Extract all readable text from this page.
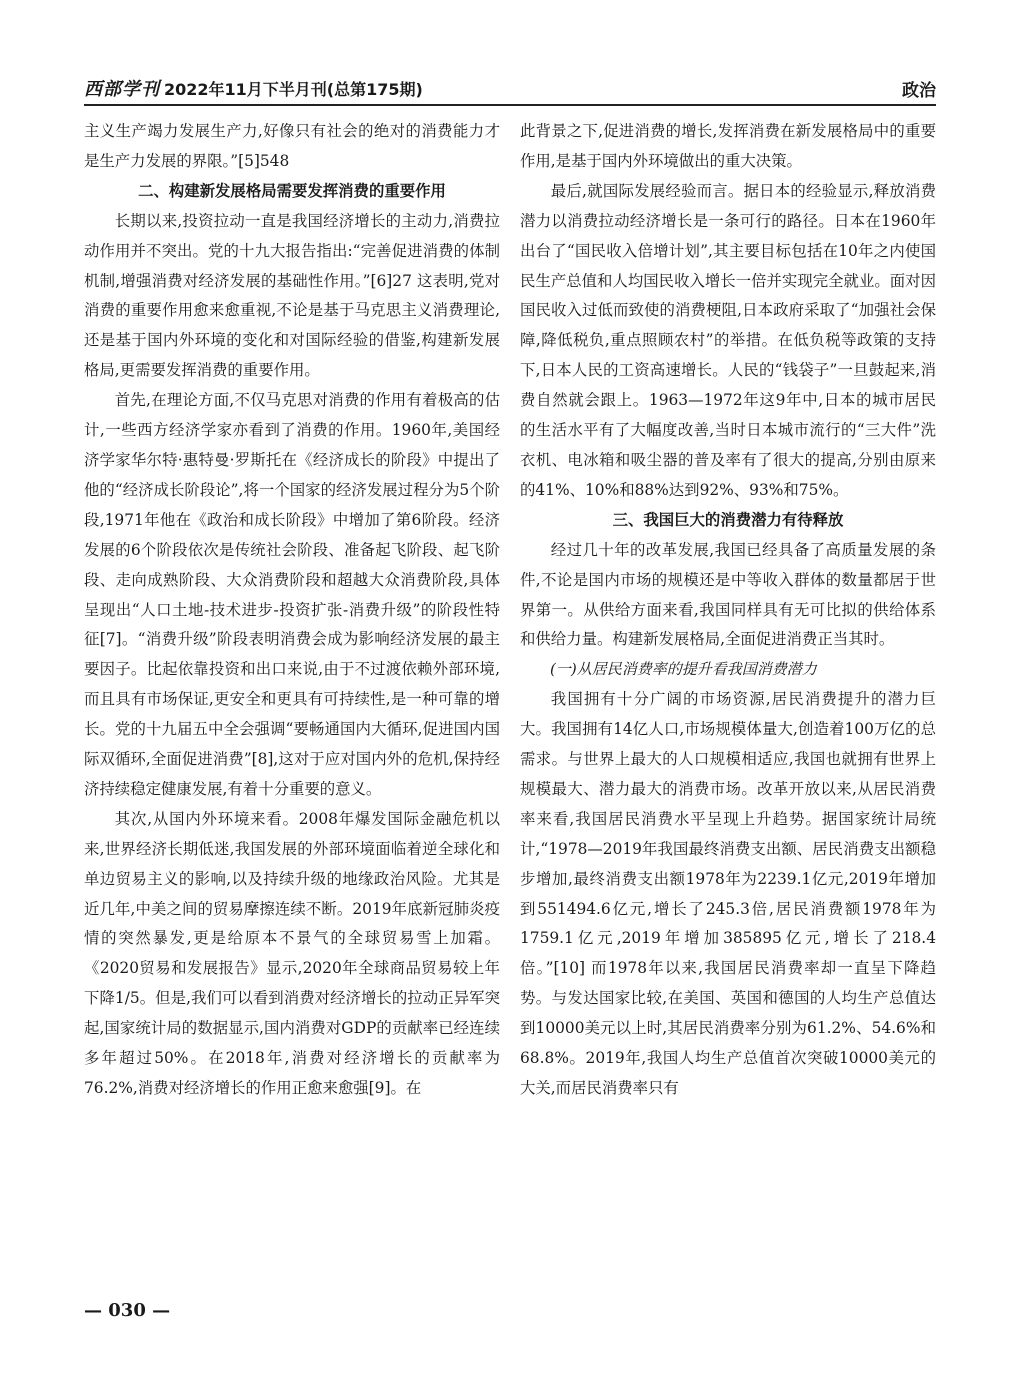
西部学刊 2022年11月下半月刊(总第175期)	政治

主义生产竭力发展生产力,好像只有社会的绝对的消费能力才是生产力发展的界限。”[5]548

二、构建新发展格局需要发挥消费的重要作用

长期以来,投资拉动一直是我国经济增长的主动力,消费拉动作用并不突出。党的十九大报告指出:“完善促进消费的体制机制,增强消费对经济发展的基础性作用。”[6]27 这表明,党对消费的重要作用愈来愈重视,不论是基于马克思主义消费理论,还是基于国内外环境的变化和对国际经验的借鉴,构建新发展格局,更需要发挥消费的重要作用。

首先,在理论方面,不仅马克思对消费的作用有着极高的估计,一些西方经济学家亦看到了消费的作用。1960年,美国经济学家华尔特·惠特曼·罗斯托在《经济成长的阶段》中提出了他的“经济成长阶段论”,将一个国家的经济发展过程分为5个阶段,1971年他在《政治和成长阶段》中增加了第6阶段。经济发展的6个阶段依次是传统社会阶段、准备起飞阶段、起飞阶段、走向成熟阶段、大众消费阶段和超越大众消费阶段,具体呈现出“人口土地-技术进步-投资扩张-消费升级”的阶段性特征[7]。“消费升级”阶段表明消费会成为影响经济发展的最主要因子。比起依靠投资和出口来说,由于不过渡依赖外部环境,而且具有市场保证,更安全和更具有可持续性,是一种可靠的增长。党的十九届五中全会强调“要畅通国内大循环,促进国内国际双循环,全面促进消费”[8],这对于应对国内外的危机,保持经济持续稳定健康发展,有着十分重要的意义。

其次,从国内外环境来看。2008年爆发国际金融危机以来,世界经济长期低迷,我国发展的外部环境面临着逆全球化和单边贸易主义的影响,以及持续升级的地缘政治风险。尤其是近几年,中美之间的贸易摩擦连续不断。2019年底新冠肺炎疫情的突然暴发,更是给原本不景气的全球贸易雪上加霜。《2020贸易和发展报告》显示,2020年全球商品贸易较上年下降1/5。但是,我们可以看到消费对经济增长的拉动正异军突起,国家统计局的数据显示,国内消费对GDP的贡献率已经连续多年超过50%。在2018年,消费对经济增长的贡献率为76.2%,消费对经济增长的作用正愈来愈强[9]。在

此背景之下,促进消费的增长,发挥消费在新发展格局中的重要作用,是基于国内外环境做出的重大决策。

最后,就国际发展经验而言。据日本的经验显示,释放消费潜力以消费拉动经济增长是一条可行的路径。日本在1960年出台了“国民收入倍增计划”,其主要目标包括在10年之内使国民生产总值和人均国民收入增长一倍并实现完全就业。面对因国民收入过低而致使的消费梗阻,日本政府采取了“加强社会保障,降低税负,重点照顾农村”的举措。在低负税等政策的支持下,日本人民的工资高速增长。人民的“钱袋子”一旦鼓起来,消费自然就会跟上。1963—1972年这9年中,日本的城市居民的生活水平有了大幅度改善,当时日本城市流行的“三大件”洗衣机、电冰箱和吸尘器的普及率有了很大的提高,分别由原来的41%、10%和88%达到92%、93%和75%。

三、我国巨大的消费潜力有待释放

经过几十年的改革发展,我国已经具备了高质量发展的条件,不论是国内市场的规模还是中等收入群体的数量都居于世界第一。从供给方面来看,我国同样具有无可比拟的供给体系和供给力量。构建新发展格局,全面促进消费正当其时。

(一)从居民消费率的提升看我国消费潜力

我国拥有十分广阔的市场资源,居民消费提升的潜力巨大。我国拥有14亿人口,市场规模体量大,创造着100万亿的总需求。与世界上最大的人口规模相适应,我国也就拥有世界上规模最大、潜力最大的消费市场。改革开放以来,从居民消费率来看,我国居民消费水平呈现上升趋势。据国家统计局统计,“1978—2019年我国最终消费支出额、居民消费支出额稳步增加,最终消费支出额1978年为2239.1亿元,2019年增加到551494.6亿元,增长了245.3倍,居民消费额1978年为1759.1亿元,2019年增加385895亿元,增长了218.4倍。”[10] 而1978年以来,我国居民消费率却一直呈下降趋势。与发达国家比较,在美国、英国和德国的人均生产总值达到10000美元以上时,其居民消费率分别为61.2%、54.6%和68.8%。2019年,我国人均生产总值首次突破10000美元的大关,而居民消费率只有

— 030 —
